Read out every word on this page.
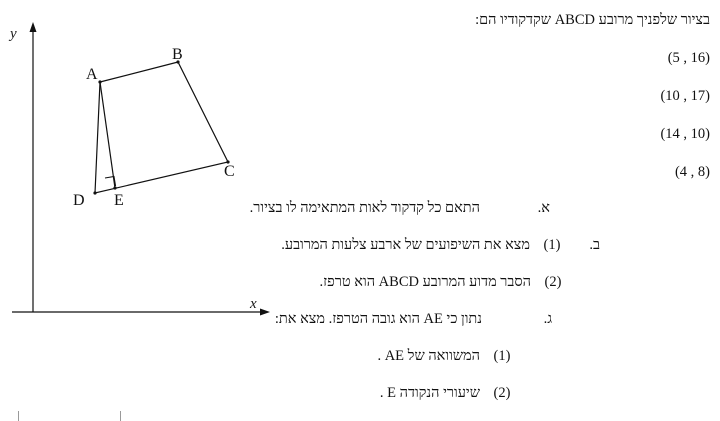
y
x
A
B
C
D E
בציור שלפניך מרובע ABCD שקדקודיו הם:
(5 , 16)
(10 , 17)
(14 , 10)
(4 , 8)
א.
התאם כל קדקוד לאות המתאימה לו בציור.
ב.
(1)
מצא את השיפועים של ארבע צלעות המרובע.
(2)
הסבר מדוע המרובע ABCD הוא טרפז.
ג.
נתון כי AE הוא גובה הטרפז. מצא את:
(1)
המשוואה של AE .
(2)
שיעורי הנקודה E .
